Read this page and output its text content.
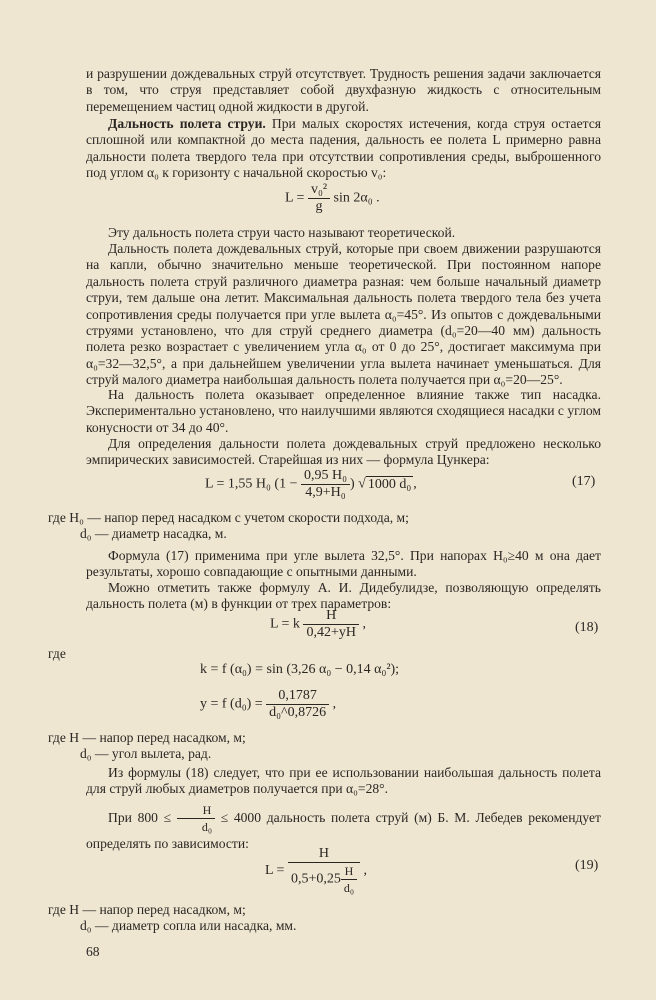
и разрушении дождевальных струй отсутствует. Трудность решения задачи заключается в том, что струя представляет собой двухфазную жидкость с относительным перемещением частиц одной жидкости в другой.

Дальность полета струи. При малых скоростях истечения, когда струя остается сплошной или компактной до места падения, дальность ее полета L примерно равна дальности полета твердого тела при отсутствии сопротивления среды, выброшенного под углом α₀ к горизонту с начальной скоростью v₀:

$L = \frac{\text{v₀²}}{g}$ sin 2α₀ .

Эту дальность полета струи часто называют теоретической.

Дальность полета дождевальных струй, которые при своем движении разрушаются на капли, обычно значительно меньше теоретической. При постоянном напоре дальность полета струй различного диаметра разная: чем больше начальный диаметр струи, тем дальше она летит. Максимальная дальность полета твердого тела без учета сопротивления среды получается при угле вылета α₀=45°. Из опытов с дождевальными струями установлено, что для струй среднего диаметра (d₀=20—40 мм) дальность полета резко возрастает с увеличением угла α₀ от 0 до 25°, достигает максимума при α₀=32—32,5°, а при дальнейшем увеличении угла вылета начинает уменьшаться. Для струй малого диаметра наибольшая дальность полета получается при α₀=20—25°.

На дальность полета оказывает определенное влияние также тип насадка. Экспериментально установлено, что наилучшими являются сходящиеся насадки с углом конусности от 34 до 40°.

Для определения дальности полета дождевальных струй предложено несколько эмпирических зависимостей. Старейшая из них — формула Цункера:

L = 1,55 H₀ ($1 - \frac{\text{0,95 H₀}}{\text{4,9+H₀}}$ ) √ 1000 d₀ ,	(17)
где H₀ — напор перед насадком с учетом скорости подхода, м;
d₀ — диаметр насадка, м.

Формула (17) применима при угле вылета 32,5°. При напорах H₀≥40 м она дает результаты, хорошо совпадающие с опытными данными.

Можно отметить также формулу А. И. Дидебулидзе, позволяющую определять дальность полета (м) в функции от трех параметров:

L = k $\frac{H}{0,42+yH}$ ,	(18)
где
k = f (α₀) = sin (3,26 α₀ − 0,14 α₀²);
y = f $(d_0) = \frac{0,1787}{\text{d₀\textasciicircum{}0,8726}}$ ,
где H — напор перед насадком, м;
d₀ — угол вылета, рад.

Из формулы (18) следует, что при ее использовании наибольшая дальность полета для струй любых диаметров получается при α₀=28°.

При $800 \le \frac{H}{\text{d₀}} \le 4000$ дальность полета струй (м) Б. М. Лебедев рекомендует определять по зависимости:

$L = \frac{H}{0,5+0,25 \frac{H}{\text{d₀}}}$ ,	(19)
где H — напор перед насадком, м;
d₀ — диаметр сопла или насадка, мм.
68
